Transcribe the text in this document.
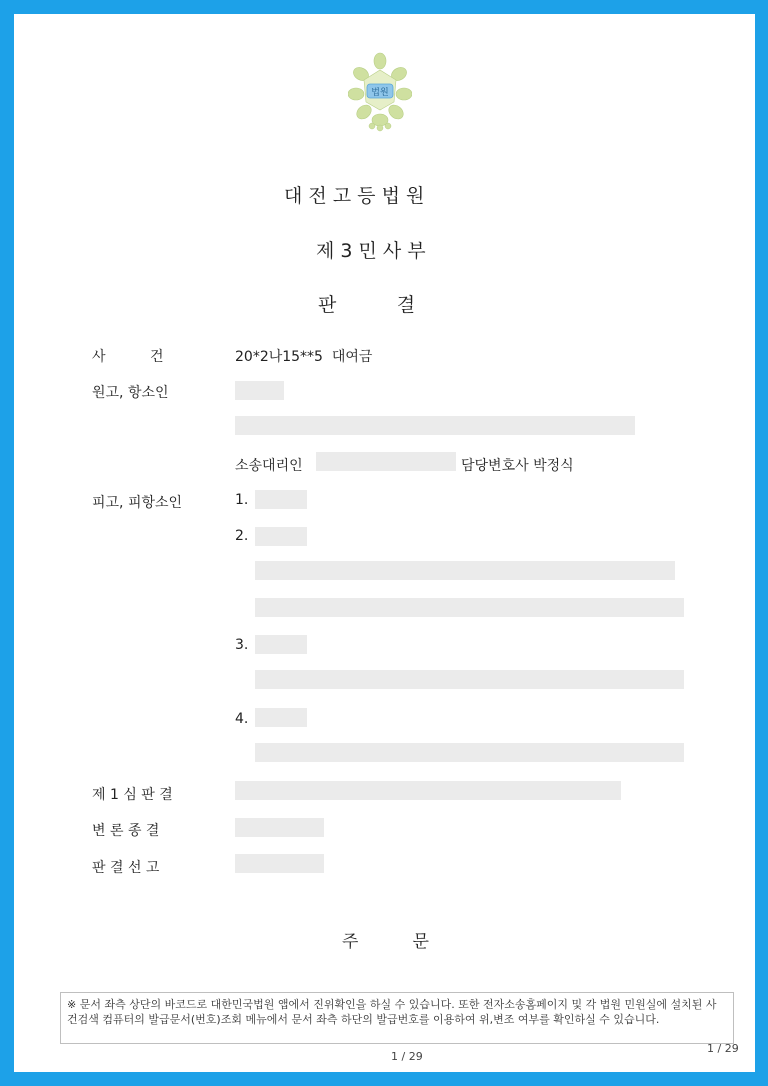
법원
대 전 고 등 법 원
제 3 민 사 부
판          결
사          건	20*2나15**5  대여금
원고, 항소인
소송대리인	담당변호사 박정식
피고, 피항소인	1.
2.
3.
4.
제 1 심 판 결
변 론 종 결
판 결 선 고
주          문
※ 문서 좌측 상단의 바코드로 대한민국법원 앱에서 진위확인을 하실 수 있습니다. 또한 전자소송홈페이지 및 각 법원 민원실에 설치된 사건검색 컴퓨터의 발급문서(번호)조회 메뉴에서 문서 좌측 하단의 발급번호를 이용하여 위,변조 여부를 확인하실 수 있습니다.
1 / 29
1 / 29
